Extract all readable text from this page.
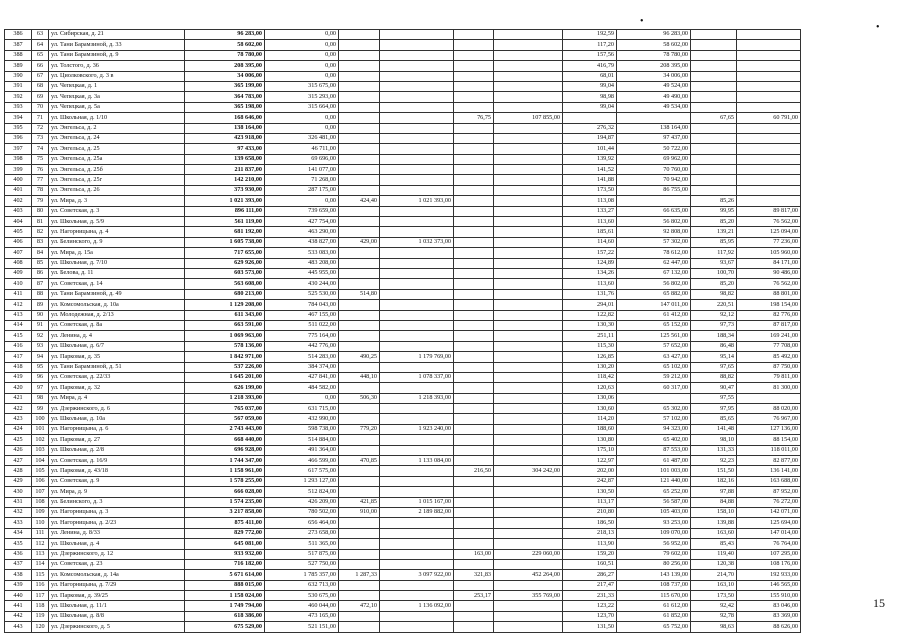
386	63	ул. Сибирская, д. 21	96 283,00	0,00					192,59	96 283,00		
387	64	ул. Тани Барамзиной, д. 33	58 602,00	0,00					117,20	58 602,00		
388	65	ул. Тани Барамзиной, д. 9	78 780,00	0,00					157,56	78 780,00		
389	66	ул. Толстого, д. 36	208 395,00	0,00					416,79	208 395,00		
390	67	ул. Циолковского, д. 3 в	34 006,00	0,00					68,01	34 006,00		
391	68	ул. Чепецкая, д. 1	365 199,00	315 675,00					99,04	49 524,00		
392	69	ул. Чепецкая, д. 3а	364 783,00	315 293,00					98,98	49 490,00		
393	70	ул. Чепецкая, д. 5а	365 198,00	315 664,00					99,04	49 534,00		
394	71	ул. Школьная, д. 1/10	168 646,00	0,00			76,75	107 855,00			67,65	60 791,00
395	72	ул. Энгельса, д. 2	138 164,00	0,00					276,32	138 164,00		
396	73	ул. Энгельса, д. 24	423 918,00	326 481,00					194,87	97 437,00		
397	74	ул. Энгельса, д. 25	97 433,00	46 711,00					101,44	50 722,00		
398	75	ул. Энгельса, д. 25а	139 658,00	69 696,00					139,92	69 962,00		
399	76	ул. Энгельса, д. 25б	211 837,00	141 077,00					141,52	70 760,00		
400	77	ул. Энгельса, д. 25г	142 210,00	71 268,00					141,88	70 942,00		
401	78	ул. Энгельса, д. 26	373 930,00	287 175,00					173,50	86 755,00		
402	79	ул. Мира, д. 3	1 021 393,00	0,00	424,40	1 021 393,00			113,08		85,26	
403	80	ул. Советская, д. 3	896 111,00	739 659,00					133,27	66 635,00	99,95	89 817,00
404	81	ул. Школьная, д. 5/9	561 119,00	427 754,00					113,60	56 802,00	85,20	76 562,00
405	82	ул. Нагорницына, д. 4	681 192,00	463 290,00					185,61	92 808,00	139,21	125 094,00
406	83	ул. Белинского, д. 9	1 605 738,00	438 827,00	429,00	1 032 373,00			114,60	57 302,00	85,95	77 236,00
407	84	ул. Мира, д. 15а	717 655,00	533 083,00					157,22	78 612,00	117,92	105 960,00
408	85	ул. Школьная, д. 7/10	629 926,00	483 208,00					124,89	62 447,00	93,67	84 171,00
409	86	ул. Белова, д. 11	603 573,00	445 955,00					134,26	67 132,00	100,70	90 486,00
410	87	ул. Советская, д. 14	563 608,00	430 244,00					113,60	56 802,00	85,20	76 562,00
411	88	ул. Тани Барамзиной, д. 49	680 213,00	525 530,00	514,80				131,76	65 882,00	98,82	88 801,00
412	89	ул. Комсомольская, д. 10а	1 129 208,00	784 043,00					294,01	147 011,00	220,51	198 154,00
413	90	ул. Молодежная, д. 2/13	611 343,00	467 155,00					122,82	61 412,00	92,12	82 776,00
414	91	ул. Советская, д. 8а	663 591,00	511 022,00					130,30	65 152,00	97,73	87 817,00
415	92	ул. Ленина, д. 4	1 069 963,00	775 164,00					251,11	125 561,00	188,34	169 241,00
416	93	ул. Школьная, д. 6/7	578 136,00	442 776,00					115,30	57 652,00	86,48	77 708,00
417	94	ул. Парковая, д. 35	1 842 971,00	514 283,00	490,25	1 179 769,00			126,85	63 427,00	95,14	85 492,00
418	95	ул. Тани Барамзиной, д. 51	537 226,00	384 374,00					130,20	65 102,00	97,65	87 750,00
419	96	ул. Советская, д. 22/33	1 645 201,00	427 841,00	448,10	1 078 337,00			118,42	59 212,00	88,82	79 811,00
420	97	ул. Парковая, д. 32	626 199,00	484 582,00					120,63	60 317,00	90,47	81 300,00
421	98	ул. Мира, д. 4	1 218 393,00	0,00	506,30	1 218 393,00			130,06		97,55	
422	99	ул. Дзержинского, д. 6	765 037,00	631 715,00					130,60	65 302,00	97,95	88 020,00
423	100	ул. Школьная, д. 10а	567 059,00	432 990,00					114,20	57 102,00	85,65	76 967,00
424	101	ул. Нагорницына, д. 6	2 743 443,00	598 738,00	779,20	1 923 240,00			188,60	94 323,00	141,48	127 136,00
425	102	ул. Парковая, д. 27	668 440,00	514 884,00					130,80	65 402,00	98,10	88 154,00
426	103	ул. Школьная, д. 2/8	696 928,00	491 364,00					175,10	87 553,00	131,33	118 011,00
427	104	ул. Советская, д. 16/9	1 744 347,00	466 599,00	470,85	1 133 084,00			122,97	61 487,00	92,23	82 877,00
428	105	ул. Парковая, д. 43/18	1 158 961,00	617 575,00			216,50	304 242,00	202,00	101 003,00	151,50	136 141,00
429	106	ул. Советская, д. 9	1 578 255,00	1 293 127,00					242,87	121 440,00	182,16	163 688,00
430	107	ул. Мира, д. 9	666 028,00	512 824,00					130,50	65 252,00	97,88	87 952,00
431	108	ул. Белинского, д. 3	1 574 235,00	426 209,00	421,85	1 015 167,00			113,17	56 587,00	84,88	76 272,00
432	109	ул. Нагорницына, д. 3	3 217 858,00	780 502,00	910,00	2 189 882,00			210,80	105 403,00	158,10	142 071,00
433	110	ул. Нагорницына, д. 2/23	875 411,00	656 464,00					186,50	93 253,00	139,88	125 694,00
434	111	ул. Ленина, д. 8/33	829 772,00	273 658,00					218,13	109 070,00	163,60	147 014,00
435	112	ул. Школьная, д. 4	645 081,00	511 365,00					113,90	56 952,00	85,43	76 764,00
436	113	ул. Дзержинского, д. 12	933 932,00	517 875,00			163,00	229 060,00	159,20	79 602,00	119,40	107 295,00
437	114	ул. Советская, д. 23	716 182,00	527 750,00					160,51	80 256,00	120,38	108 176,00
438	115	ул. Комсомольская, д. 14а	5 671 614,00	1 785 357,00	1 287,33	3 097 922,00	321,83	452 264,00	286,27	143 139,00	214,70	192 933,00
439	116	ул. Нагорницына, д. 7/29	888 015,00	632 713,00					217,47	108 737,00	163,10	146 565,00
440	117	ул. Парковая, д. 39/25	1 158 024,00	530 675,00			253,17	355 769,00	231,33	115 670,00	173,50	155 910,00
441	118	ул. Школьная, д. 11/1	1 749 794,00	460 044,00	472,10	1 136 092,00			123,22	61 612,00	92,42	83 046,00
442	119	ул. Школьная, д. 8/8	618 386,00	473 165,00					123,70	61 852,00	92,78	83 369,00
443	120	ул. Дзержинского, д. 5	675 529,00	521 151,00					131,50	65 752,00	98,63	88 626,00
15
•
•
